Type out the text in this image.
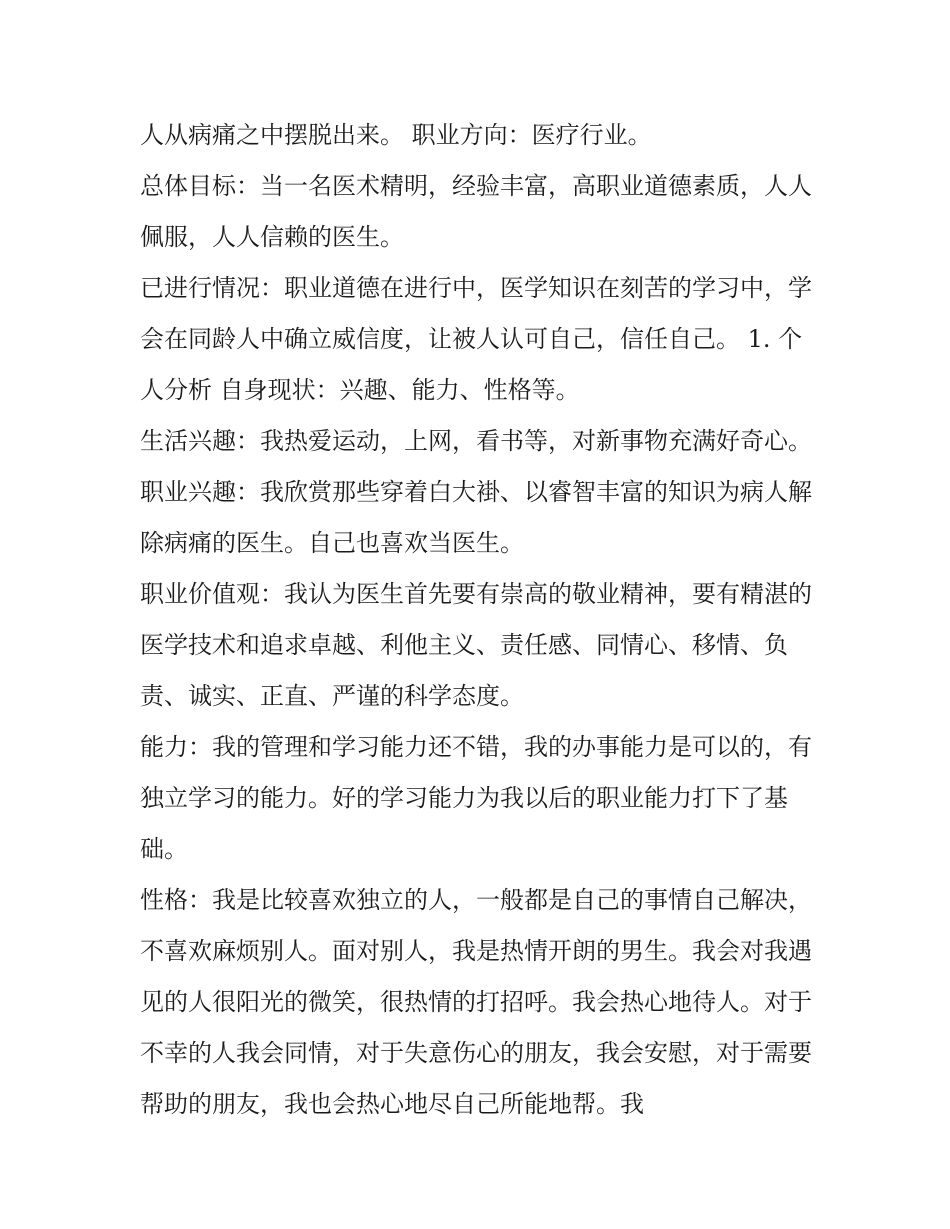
人从病痛之中摆脱出来。 职业方向：医疗行业。

总体目标：当一名医术精明，经验丰富，高职业道德素质，人人佩服，人人信赖的医生。

已进行情况：职业道德在进行中，医学知识在刻苦的学习中，学会在同龄人中确立威信度，让被人认可自己，信任自己。 1. 个人分析 自身现状：兴趣、能力、性格等。

生活兴趣：我热爱运动，上网，看书等，对新事物充满好奇心。 职业兴趣：我欣赏那些穿着白大褂、以睿智丰富的知识为病人解除病痛的医生。自己也喜欢当医生。

职业价值观：我认为医生首先要有崇高的敬业精神，要有精湛的医学技术和追求卓越、利他主义、责任感、同情心、移情、负责、诚实、正直、严谨的科学态度。

能力：我的管理和学习能力还不错，我的办事能力是可以的，有独立学习的能力。好的学习能力为我以后的职业能力打下了基础。

性格：我是比较喜欢独立的人，一般都是自己的事情自己解决，不喜欢麻烦别人。面对别人，我是热情开朗的男生。我会对我遇见的人很阳光的微笑，很热情的打招呼。我会热心地待人。对于不幸的人我会同情，对于失意伤心的朋友，我会安慰，对于需要帮助的朋友，我也会热心地尽自己所能地帮。我
